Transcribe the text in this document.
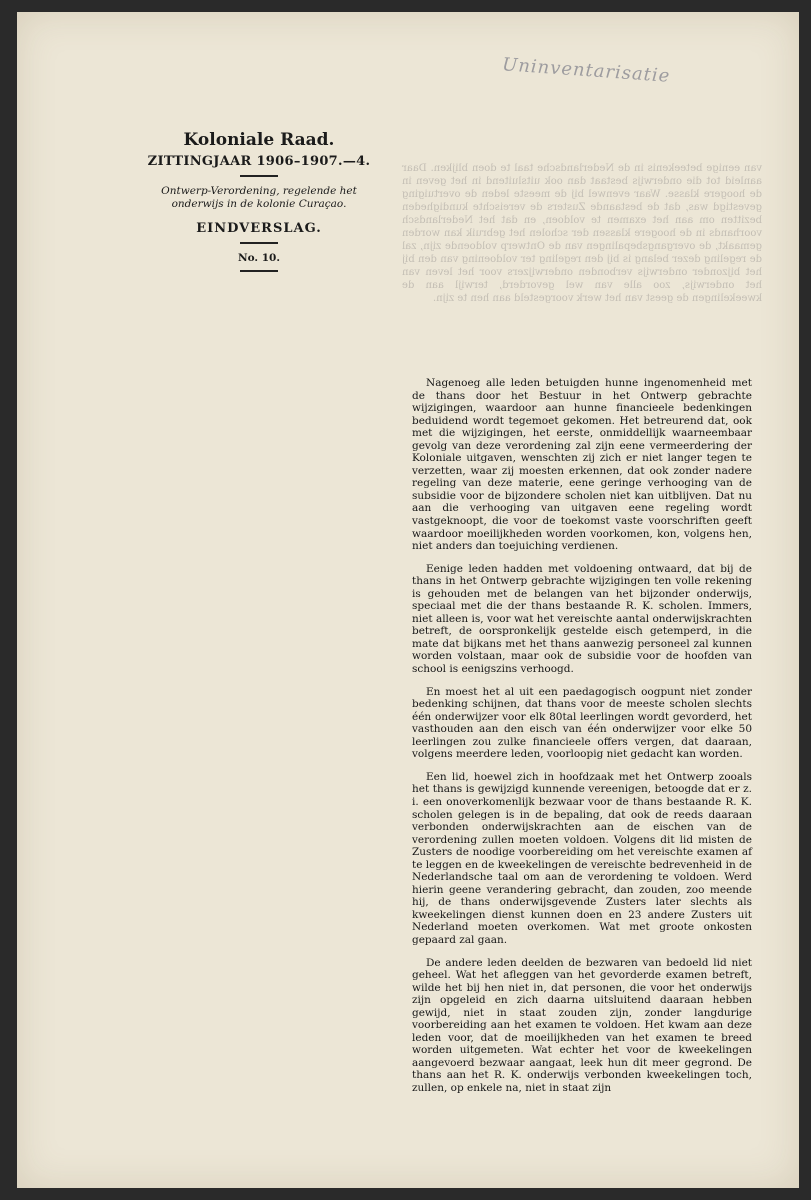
Uninventarisatie

Koloniale Raad.

ZITTINGJAAR 1906–1907.—4.

Ontwerp-Verordening, regelende het onderwijs in de kolonie Curaçao.

EINDVERSLAG.

No. 10.

van eenige beteekenis in de Nederlandsche taal te doen blijken. Daar aanleid tot die onderwijs bestaat dan ook uitsluitend in het geven in de hoogere klasse. Waar evenwel bij de meeste leden de overtuiging gevestigd was, dat de bestaande Zusters de vereischte kundigheden bezitten om aan het examen te voldoen, en dat het Nederlandsch voorhands in de hoogere klassen der scholen het gebruik kan worden gemaakt, de overgangsbepalingen van de Ontwerp voldoende zijn, zal de regeling dezer belang is bij den regeling ter voldoening van den bij het bijzonder onderwijs verbonden onderwijzers voor het leven van het onderwijs, zoo alle van wel gevorderd, terwijl aan de kweekelingen de geest van het werk voorgesteld aan hen te zijn.

Nagenoeg alle leden betuigden hunne ingenomenheid met de thans door het Bestuur in het Ontwerp gebrachte wijzigingen, waardoor aan hunne financieele bedenkingen beduidend wordt tegemoet gekomen. Het betreurend dat, ook met die wijzigingen, het eerste, onmiddellijk waarneembaar gevolg van deze verordening zal zijn eene vermeerdering der Koloniale uitgaven, wenschten zij zich er niet langer tegen te verzetten, waar zij moesten erkennen, dat ook zonder nadere regeling van deze materie, eene geringe verhooging van de subsidie voor de bijzondere scholen niet kan uitblijven. Dat nu aan die verhooging van uitgaven eene regeling wordt vastgeknoopt, die voor de toekomst vaste voorschriften geeft waardoor moeilijkheden worden voorkomen, kon, volgens hen, niet anders dan toejuiching verdienen.

Eenige leden hadden met voldoening ontwaard, dat bij de thans in het Ontwerp gebrachte wijzigingen ten volle rekening is gehouden met de belangen van het bijzonder onderwijs, speciaal met die der thans bestaande R. K. scholen. Immers, niet alleen is, voor wat het vereischte aantal onderwijskrachten betreft, de oorspronkelijk gestelde eisch getemperd, in die mate dat bijkans met het thans aanwezig personeel zal kunnen worden volstaan, maar ook de subsidie voor de hoofden van school is eenigszins verhoogd.

En moest het al uit een paedagogisch oogpunt niet zonder bedenking schijnen, dat thans voor de meeste scholen slechts één onderwijzer voor elk 80tal leerlingen wordt gevorderd, het vasthouden aan den eisch van één onderwijzer voor elke 50 leerlingen zou zulke financieele offers vergen, dat daaraan, volgens meerdere leden, voorloopig niet gedacht kan worden.

Een lid, hoewel zich in hoofdzaak met het Ontwerp zooals het thans is gewijzigd kunnende vereenigen, betoogde dat er z. i. een onoverkomenlijk bezwaar voor de thans bestaande R. K. scholen gelegen is in de bepaling, dat ook de reeds daaraan verbonden onderwijskrachten aan de eischen van de verordening zullen moeten voldoen. Volgens dit lid misten de Zusters de noodige voorbereiding om het vereischte examen af te leggen en de kweekelingen de vereischte bedrevenheid in de Nederlandsche taal om aan de verordening te voldoen. Werd hierin geene verandering gebracht, dan zouden, zoo meende hij, de thans onderwijsgevende Zusters later slechts als kweekelingen dienst kunnen doen en 23 andere Zusters uit Nederland moeten overkomen. Wat met groote onkosten gepaard zal gaan.

De andere leden deelden de bezwaren van bedoeld lid niet geheel. Wat het afleggen van het gevorderde examen betreft, wilde het bij hen niet in, dat personen, die voor het onderwijs zijn opgeleid en zich daarna uitsluitend daaraan hebben gewijd, niet in staat zouden zijn, zonder langdurige voorbereiding aan het examen te voldoen. Het kwam aan deze leden voor, dat de moeilijkheden van het examen te breed worden uitgemeten. Wat echter het voor de kweekelingen aangevoerd bezwaar aangaat, leek hun dit meer gegrond. De thans aan het R. K. onderwijs verbonden kweekelingen toch, zullen, op enkele na, niet in staat zijn
